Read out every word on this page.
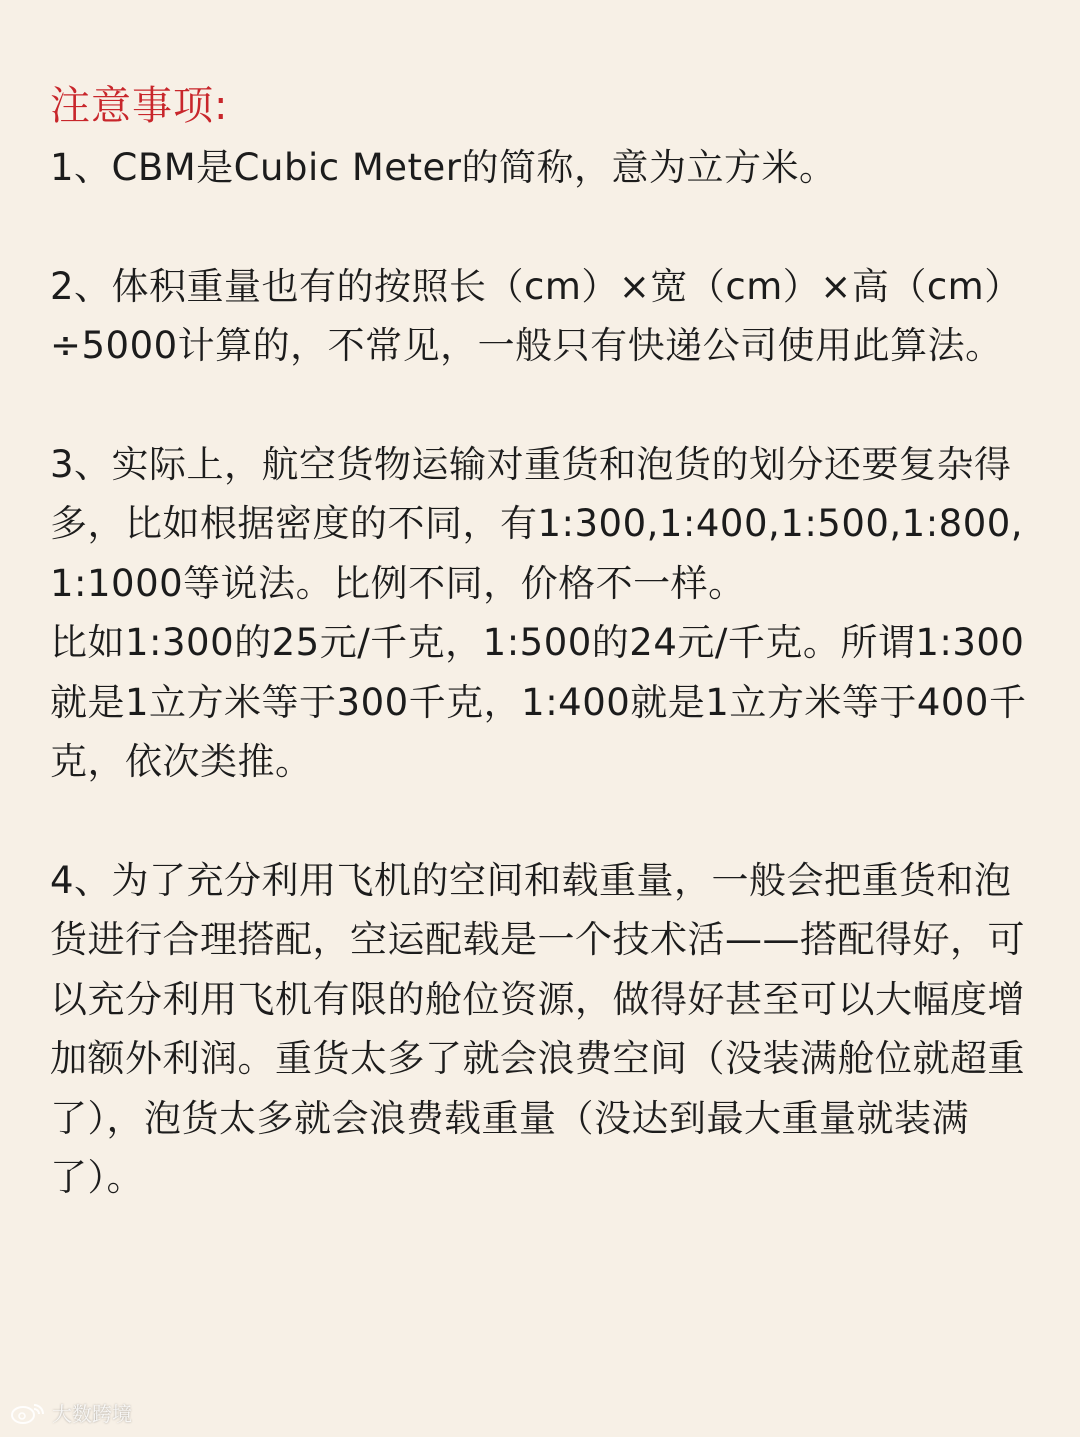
注意事项:

1、CBM是Cubic Meter的简称，意为立方米。

2、体积重量也有的按照长（cm）×宽（cm）×高（cm）÷5000计算的，不常见，一般只有快递公司使用此算法。

3、实际上，航空货物运输对重货和泡货的划分还要复杂得多，比如根据密度的不同，有1:300,1:400,1:500,1:800,1:1000等说法。比例不同，价格不一样。

比如1:300的25元/千克，1:500的24元/千克。所谓1:300就是1立方米等于300千克，1:400就是1立方米等于400千克，依次类推。

4、为了充分利用飞机的空间和载重量，一般会把重货和泡货进行合理搭配，空运配载是一个技术活——搭配得好，可以充分利用飞机有限的舱位资源，做得好甚至可以大幅度增加额外利润。重货太多了就会浪费空间（没装满舱位就超重了），泡货太多就会浪费载重量（没达到最大重量就装满了）。

大数跨境
